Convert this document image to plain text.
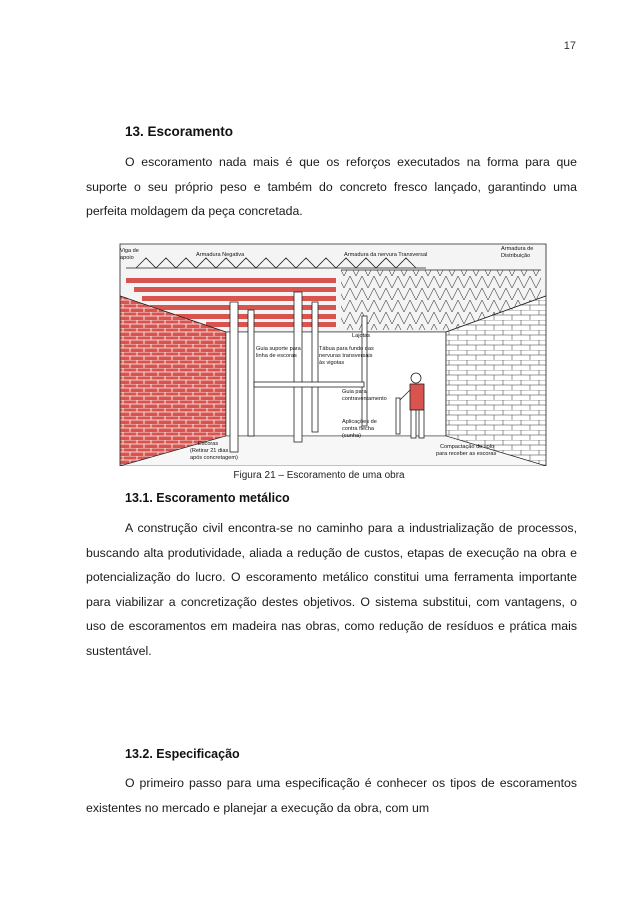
17
13. Escoramento

O escoramento nada mais é que os reforços executados na forma para que suporte o seu próprio peso e também do concreto fresco lançado, garantindo uma perfeita moldagem da peça concretada.

Viga de
apoio	Armadura Negativa	Armadura da nervura Transversal
Armadura de
Distribuição
Lajotas
Guia suporte para
linha de escoras
Tábua para fundo das
nervuras transversais
às vigotas
Guia para
contraventamento
Aplicações de
contra flecha
(cunha)
Escoras
(Retirar 21 dias
após concretagem)
Compactação do solo
para receber as escoras
Figura 21 – Escoramento de uma obra
13.1. Escoramento metálico

A construção civil encontra-se no caminho para a industrialização de processos, buscando alta produtividade, aliada a redução de custos, etapas de execução na obra e potencialização do lucro. O escoramento metálico constitui uma ferramenta importante para viabilizar a concretização destes objetivos. O sistema substitui, com vantagens, o uso de escoramentos em madeira nas obras, como redução de resíduos e prática mais sustentável.

13.2. Especificação

O primeiro passo para uma especificação é conhecer os tipos de escoramentos existentes no mercado e planejar a execução da obra, com um
